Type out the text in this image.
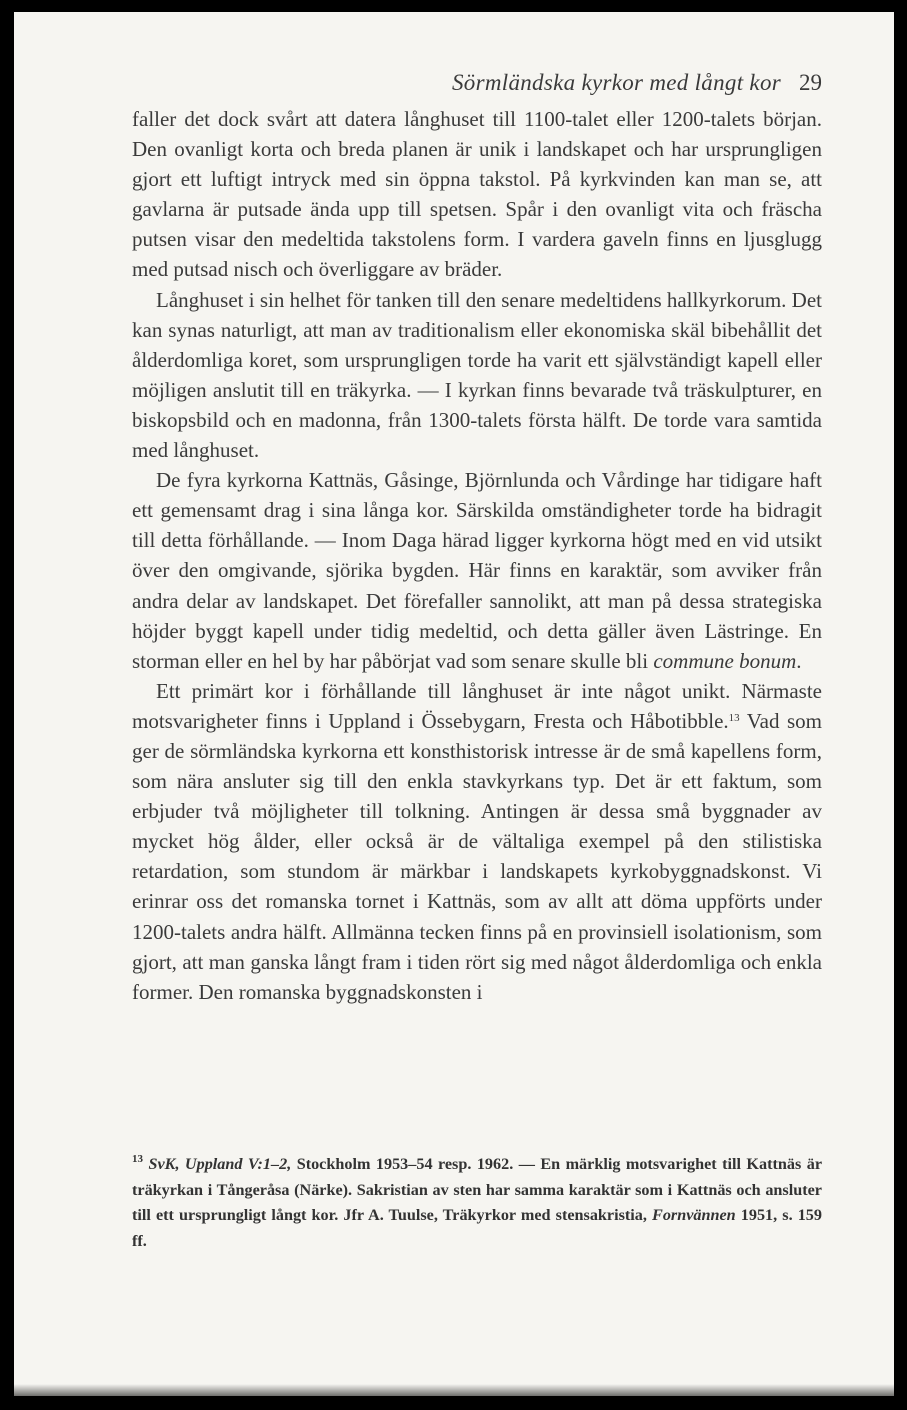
Sörmländska kyrkor med långt kor 29

faller det dock svårt att datera långhuset till 1100-talet eller 1200-talets början. Den ovanligt korta och breda planen är unik i landskapet och har ursprungligen gjort ett luftigt intryck med sin öppna takstol. På kyrkvinden kan man se, att gavlarna är putsade ända upp till spetsen. Spår i den ovanligt vita och fräscha putsen visar den medeltida takstolens form. I vardera gaveln finns en ljusglugg med putsad nisch och överliggare av bräder.

Långhuset i sin helhet för tanken till den senare medeltidens hallkyrkorum. Det kan synas naturligt, att man av traditionalism eller ekonomiska skäl bibehållit det ålderdomliga koret, som ursprungligen torde ha varit ett självständigt kapell eller möjligen anslutit till en träkyrka. — I kyrkan finns bevarade två träskulpturer, en biskopsbild och en madonna, från 1300-talets första hälft. De torde vara samtida med långhuset.

De fyra kyrkorna Kattnäs, Gåsinge, Björnlunda och Vårdinge har tidigare haft ett gemensamt drag i sina långa kor. Särskilda omständigheter torde ha bidragit till detta förhållande. — Inom Daga härad ligger kyrkorna högt med en vid utsikt över den omgivande, sjörika bygden. Här finns en karaktär, som avviker från andra delar av landskapet. Det förefaller sannolikt, att man på dessa strategiska höjder byggt kapell under tidig medeltid, och detta gäller även Lästringe. En storman eller en hel by har påbörjat vad som senare skulle bli commune bonum.

Ett primärt kor i förhållande till långhuset är inte något unikt. Närmaste motsvarigheter finns i Uppland i Össebygarn, Fresta och Håbotibble.$^{13}$ Vad som ger de sörmländska kyrkorna ett konsthistorisk intresse är de små kapellens form, som nära ansluter sig till den enkla stavkyrkans typ. Det är ett faktum, som erbjuder två möjligheter till tolkning. Antingen är dessa små byggnader av mycket hög ålder, eller också är de vältaliga exempel på den stilistiska retardation, som stundom är märkbar i landskapets kyrkobyggnadskonst. Vi erinrar oss det romanska tornet i Kattnäs, som av allt att döma uppförts under 1200-talets andra hälft. Allmänna tecken finns på en provinsiell isolationism, som gjort, att man ganska långt fram i tiden rört sig med något ålderdomliga och enkla former. Den romanska byggnadskonsten i

$^{13}$ SvK, Uppland V:1–2, Stockholm 1953–54 resp. 1962. — En märklig motsvarighet till Kattnäs är träkyrkan i Tångeråsa (Närke). Sakristian av sten har samma karaktär som i Kattnäs och ansluter till ett ursprungligt långt kor. Jfr A. Tuulse, Träkyrkor med stensakristia, Fornvännen 1951, s. 159 ff.
